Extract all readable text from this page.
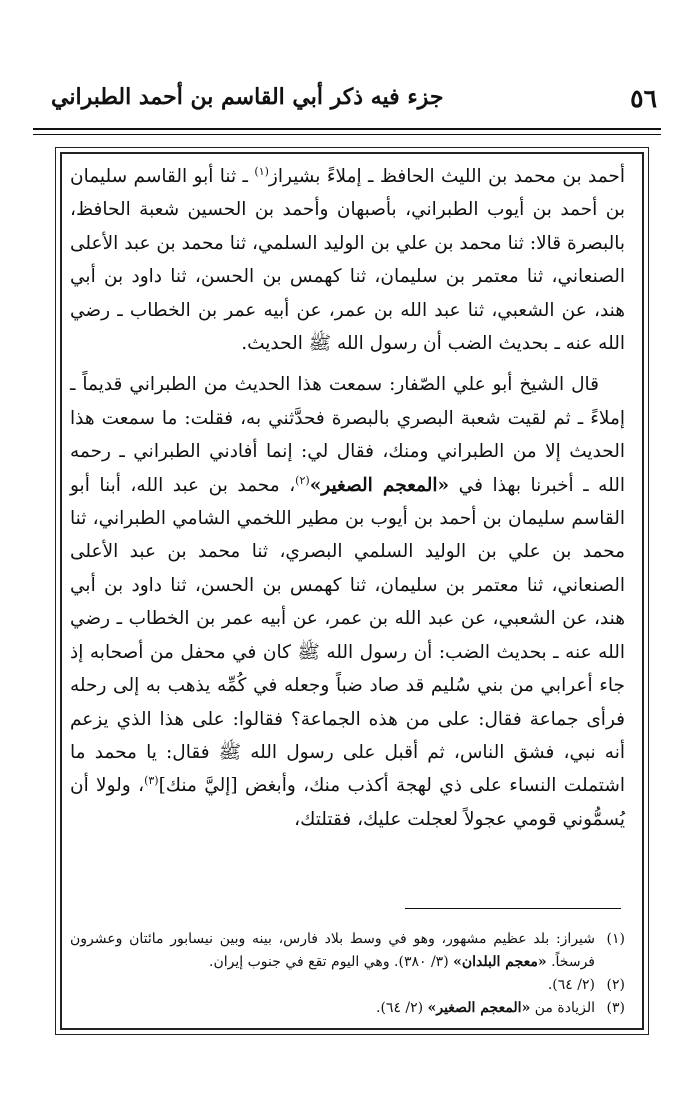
٥٦
جزء فيه ذكر أبي القاسم بن أحمد الطبراني

أحمد بن محمد بن الليث الحافظ ـ إملاءً بشيراز$^{(١)}$ ـ ثنا أبو القاسم سليمان بن أحمد بن أيوب الطبراني، بأصبهان وأحمد بن الحسين شعبة الحافظ، بالبصرة قالا: ثنا محمد بن علي بن الوليد السلمي، ثنا محمد بن عبد الأعلى الصنعاني، ثنا معتمر بن سليمان، ثنا كهمس بن الحسن، ثنا داود بن أبي هند، عن الشعبي، ثنا عبد الله بن عمر، عن أبيه عمر بن الخطاب ـ رضي الله عنه ـ بحديث الضب أن رسول الله ﷺ الحديث.

قال الشيخ أبو علي الصّفار: سمعت هذا الحديث من الطبراني قديماً ـ إملاءً ـ ثم لقيت شعبة البصري بالبصرة فحدَّثني به، فقلت: ما سمعت هذا الحديث إلا من الطبراني ومنك، فقال لي: إنما أفادني الطبراني ـ رحمه الله ـ أخبرنا بهذا في «المعجم الصغير»$^{(٢)}$، محمد بن عبد الله، أبنا أبو القاسم سليمان بن أحمد بن أيوب بن مطير اللخمي الشامي الطبراني، ثنا محمد بن علي بن الوليد السلمي البصري، ثنا محمد بن عبد الأعلى الصنعاني، ثنا معتمر بن سليمان، ثنا كهمس بن الحسن، ثنا داود بن أبي هند، عن الشعبي، عن عبد الله بن عمر، عن أبيه عمر بن الخطاب ـ رضي الله عنه ـ بحديث الضب: أن رسول الله ﷺ كان في محفل من أصحابه إذ جاء أعرابي من بني سُليم قد صاد ضباً وجعله في كُمِّه يذهب به إلى رحله فرأى جماعة فقال: على من هذه الجماعة؟ فقالوا: على هذا الذي يزعم أنه نبي، فشق الناس، ثم أقبل على رسول الله ﷺ فقال: يا محمد ما اشتملت النساء على ذي لهجة أكذب منك، وأبغض [إليَّ منك]$^{(٣)}$، ولولا أن يُسمُّوني قومي عجولاً لعجلت عليك، فقتلتك،

(١)
شيراز: بلد عظيم مشهور، وهو في وسط بلاد فارس، بينه وبين نيسابور مائتان وعشرون فرسخاً. «معجم البلدان» (٣/ ٣٨٠). وهي اليوم تقع في جنوب إيران.
(٢)
(٢/ ٦٤).
(٣)
الزيادة من «المعجم الصغير» (٢/ ٦٤).
